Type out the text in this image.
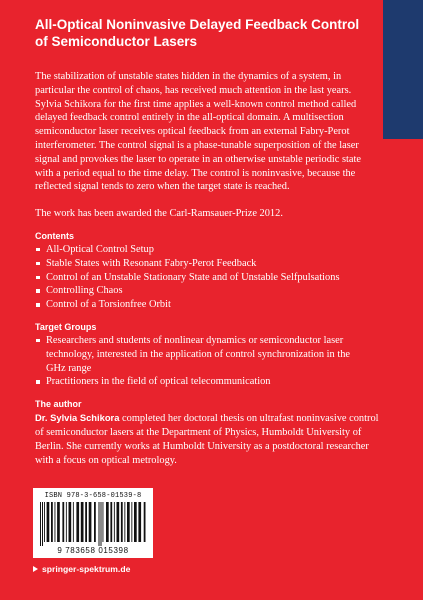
All-Optical Noninvasive Delayed Feedback Control
of Semiconductor Lasers

The stabilization of unstable states hidden in the dynamics of a system, in
particular the control of chaos, has received much attention in the last years.
Sylvia Schikora for the first time applies a well-known control method called
delayed feedback control entirely in the all-optical domain. A multisection
semiconductor laser receives optical feedback from an external Fabry-Perot
interferometer. The control signal is a phase-tunable superposition of the laser
signal and provokes the laser to operate in an otherwise unstable periodic state
with a period equal to the time delay. The control is noninvasive, because the
reflected signal tends to zero when the target state is reached.

The work has been awarded the Carl-Ramsauer-Prize 2012.

Contents

All-Optical Control Setup
Stable States with Resonant Fabry-Perot Feedback
Control of an Unstable Stationary State and of Unstable Selfpulsations
Controlling Chaos
Control of a Torsionfree Orbit

Target Groups

Researchers and students of nonlinear dynamics or semiconductor laser
technology, interested in the application of control synchronization in the
GHz range
Practitioners in the field of optical telecommunication

The author

Dr. Sylvia Schikora completed her doctoral thesis on ultrafast noninvasive control
of semiconductor lasers at the Department of Physics, Humboldt University of
Berlin. She currently works at Humboldt University as a postdoctoral researcher
with a focus on optical metrology.

ISBN 978-3-658-01539-8
9 783658 015398
springer-spektrum.de
